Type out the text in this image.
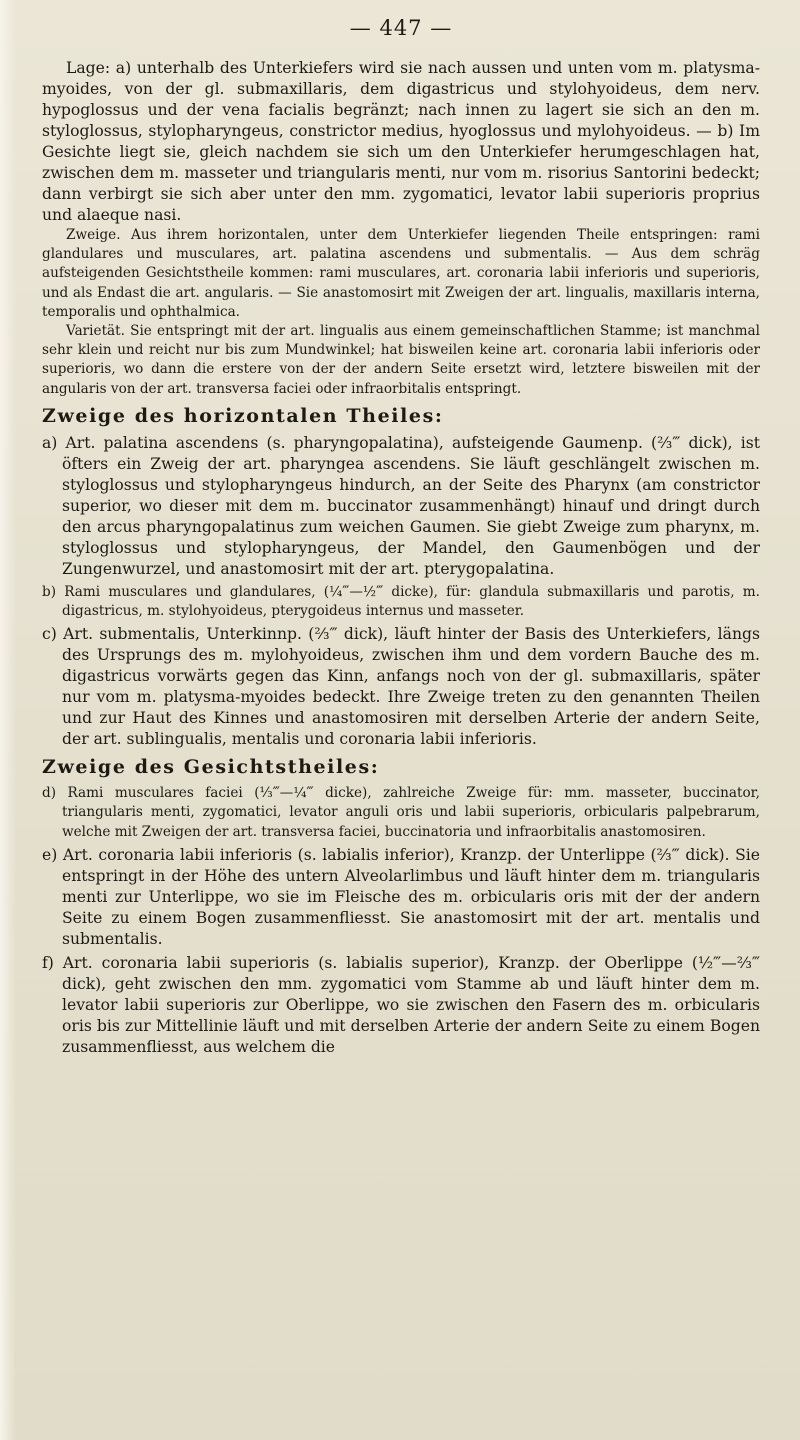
— 447 —

Lage: a) unterhalb des Unterkiefers wird sie nach aussen und unten vom m. platysma-myoides, von der gl. submaxillaris, dem digastricus und stylohyoideus, dem nerv. hypoglossus und der vena facialis begränzt; nach innen zu lagert sie sich an den m. styloglossus, stylopharyngeus, constrictor medius, hyoglossus und mylohyoideus. — b) Im Gesichte liegt sie, gleich nachdem sie sich um den Unterkiefer herumgeschlagen hat, zwischen dem m. masseter und triangularis menti, nur vom m. risorius Santorini bedeckt; dann verbirgt sie sich aber unter den mm. zygomatici, levator labii superioris proprius und alaeque nasi.

Zweige. Aus ihrem horizontalen, unter dem Unterkiefer liegenden Theile entspringen: rami glandulares und musculares, art. palatina ascendens und submentalis. — Aus dem schräg aufsteigenden Gesichtstheile kommen: rami musculares, art. coronaria labii inferioris und superioris, und als Endast die art. angularis. — Sie anastomosirt mit Zweigen der art. lingualis, maxillaris interna, temporalis und ophthalmica.

Varietät. Sie entspringt mit der art. lingualis aus einem gemeinschaftlichen Stamme; ist manchmal sehr klein und reicht nur bis zum Mundwinkel; hat bisweilen keine art. coronaria labii inferioris oder superioris, wo dann die erstere von der der andern Seite ersetzt wird, letztere bisweilen mit der angularis von der art. transversa faciei oder infraorbitalis entspringt.

Zweige des horizontalen Theiles:

a) Art. palatina ascendens (s. pharyngopalatina), aufsteigende Gaumenp. (⅔‴ dick), ist öfters ein Zweig der art. pharyngea ascendens. Sie läuft geschlängelt zwischen m. styloglossus und stylopharyngeus hindurch, an der Seite des Pharynx (am constrictor superior, wo dieser mit dem m. buccinator zusammenhängt) hinauf und dringt durch den arcus pharyngopalatinus zum weichen Gaumen. Sie giebt Zweige zum pharynx, m. styloglossus und stylopharyngeus, der Mandel, den Gaumenbögen und der Zungenwurzel, und anastomosirt mit der art. pterygopalatina.

b) Rami musculares und glandulares, (¼‴—½‴ dicke), für: glandula submaxillaris und parotis, m. digastricus, m. stylohyoideus, pterygoideus internus und masseter.

c) Art. submentalis, Unterkinnp. (⅔‴ dick), läuft hinter der Basis des Unterkiefers, längs des Ursprungs des m. mylohyoideus, zwischen ihm und dem vordern Bauche des m. digastricus vorwärts gegen das Kinn, anfangs noch von der gl. submaxillaris, später nur vom m. platysma-myoides bedeckt. Ihre Zweige treten zu den genannten Theilen und zur Haut des Kinnes und anastomosiren mit derselben Arterie der andern Seite, der art. sublingualis, mentalis und coronaria labii inferioris.

Zweige des Gesichtstheiles:

d) Rami musculares faciei (⅓‴—¼‴ dicke), zahlreiche Zweige für: mm. masseter, buccinator, triangularis menti, zygomatici, levator anguli oris und labii superioris, orbicularis palpebrarum, welche mit Zweigen der art. transversa faciei, buccinatoria und infraorbitalis anastomosiren.

e) Art. coronaria labii inferioris (s. labialis inferior), Kranzp. der Unterlippe (⅔‴ dick). Sie entspringt in der Höhe des untern Alveolarlimbus und läuft hinter dem m. triangularis menti zur Unterlippe, wo sie im Fleische des m. orbicularis oris mit der der andern Seite zu einem Bogen zusammenfliesst. Sie anastomosirt mit der art. mentalis und submentalis.

f) Art. coronaria labii superioris (s. labialis superior), Kranzp. der Oberlippe (½‴—⅔‴ dick), geht zwischen den mm. zygomatici vom Stamme ab und läuft hinter dem m. levator labii superioris zur Oberlippe, wo sie zwischen den Fasern des m. orbicularis oris bis zur Mittellinie läuft und mit derselben Arterie der andern Seite zu einem Bogen zusammenfliesst, aus welchem die
